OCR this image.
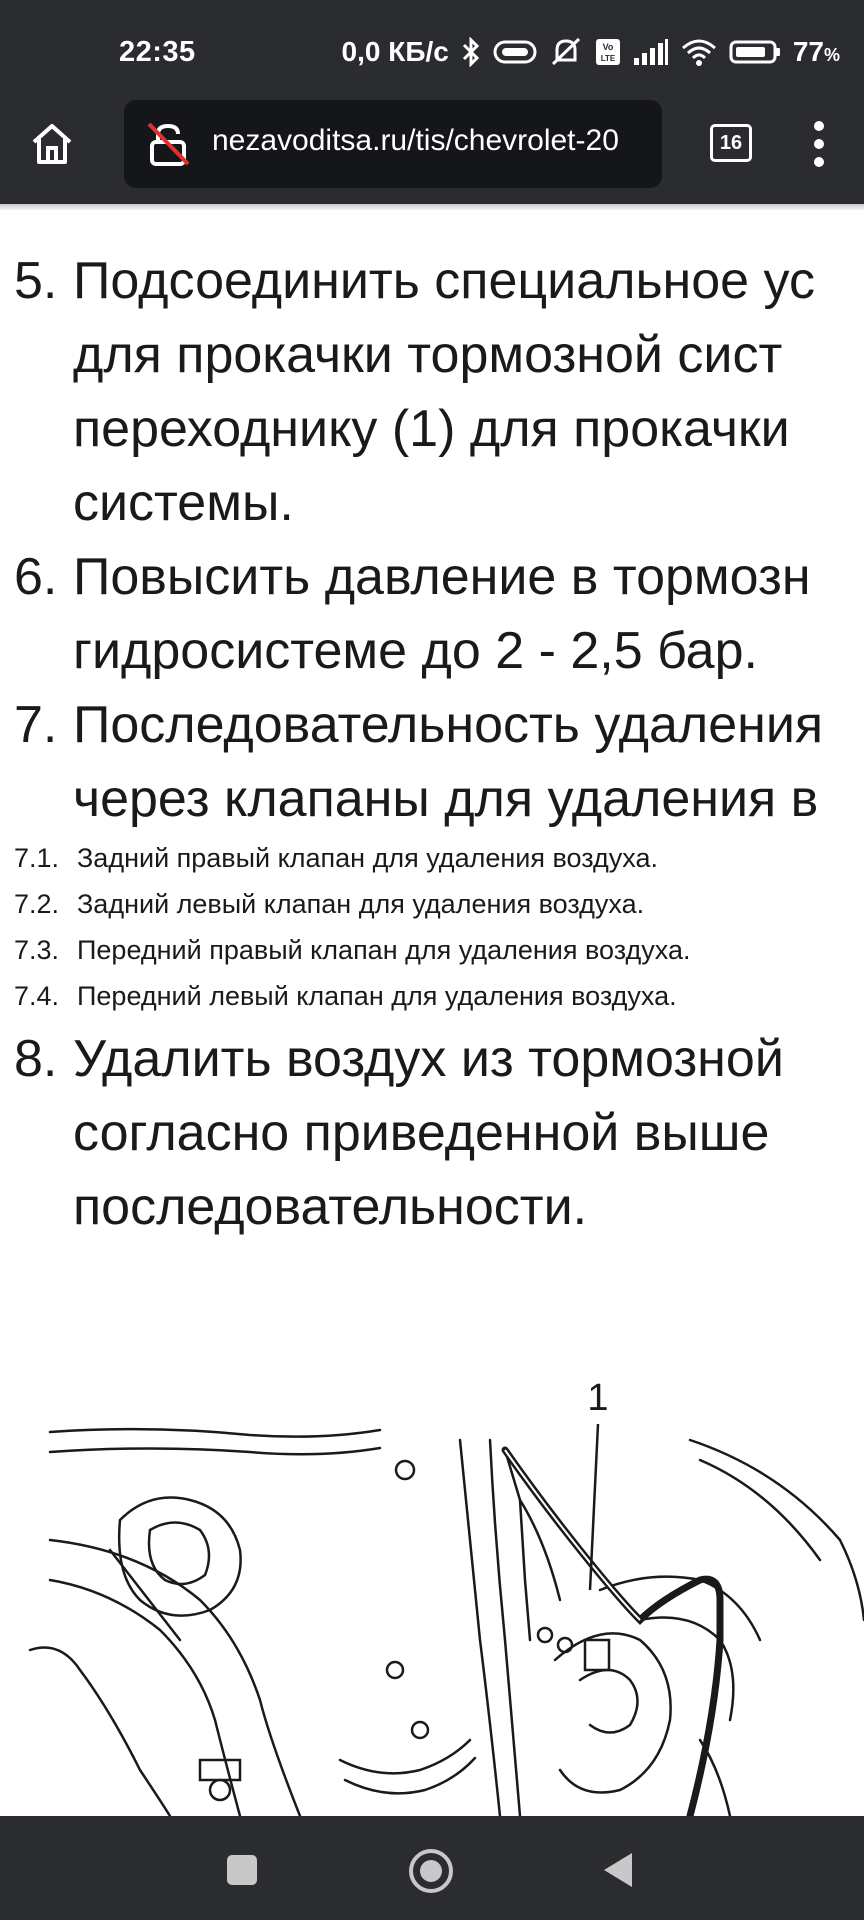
22:35	0,0 КБ/с	Vo
LTE	77%
nezavoditsa.ru/tis/chevrolet-20	16
5. Подсоединить специальное ус
для прокачки тормозной сист
переходнику (1) для прокачки
системы.
6. Повысить давление в тормозн
гидросистеме до 2 - 2,5 бар.
7. Последовательность удаления
через клапаны для удаления в
7.1. Задний правый клапан для удаления воздуха.
7.2. Задний левый клапан для удаления воздуха.
7.3. Передний правый клапан для удаления воздуха.
7.4. Передний левый клапан для удаления воздуха.
8. Удалить воздух из тормозной
согласно приведенной выше
последовательности.
1
